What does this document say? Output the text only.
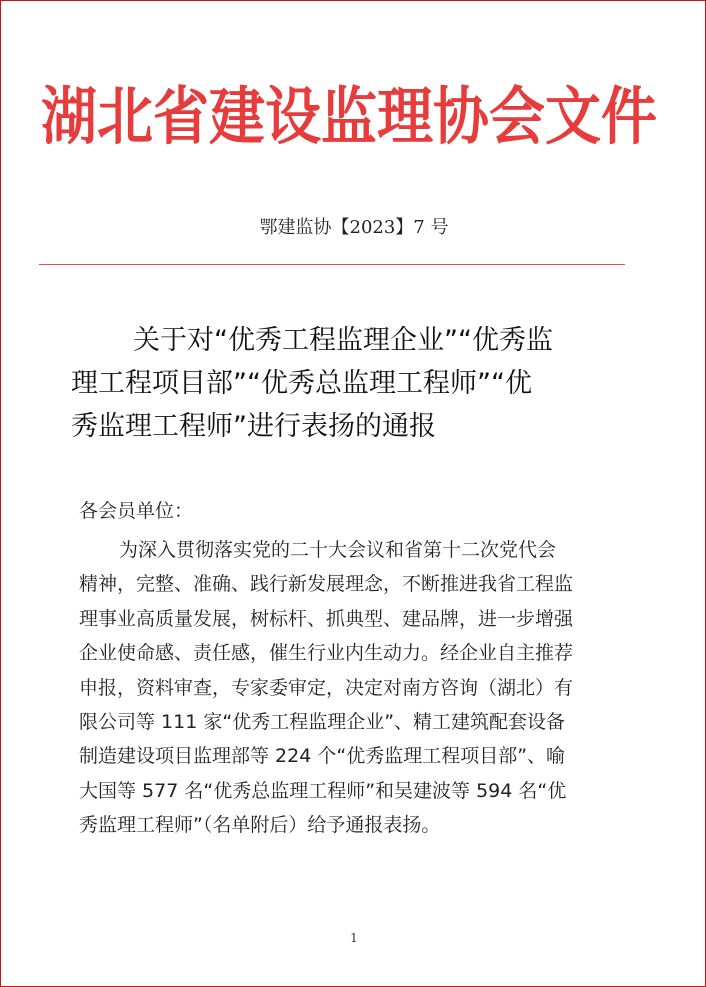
湖北省建设监理协会文件
鄂建监协【2023】7 号
关于对“优秀工程监理企业”“优秀监
理工程项目部”“优秀总监理工程师”“优
秀监理工程师”进行表扬的通报
各会员单位：
为深入贯彻落实党的二十大会议和省第十二次党代会
精神，完整、准确、践行新发展理念，不断推进我省工程监
理事业高质量发展，树标杆、抓典型、建品牌，进一步增强
企业使命感、责任感，催生行业内生动力。经企业自主推荐
申报，资料审查，专家委审定，决定对南方咨询（湖北）有
限公司等 111 家“优秀工程监理企业”、精工建筑配套设备
制造建设项目监理部等 224 个“优秀监理工程项目部”、喻
大国等 577 名“优秀总监理工程师”和吴建波等 594 名“优
秀监理工程师”（名单附后）给予通报表扬。
1
